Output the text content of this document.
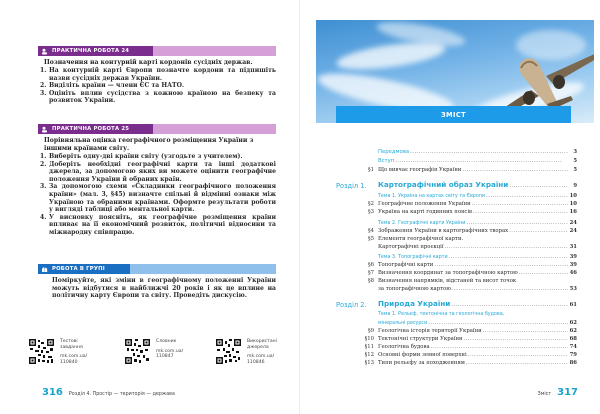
ПРАКТИЧНА РОБОТА 24
Позначення на контурній карті кордонів сусідніх держав.
1. На контурній карті Європи позначте кордони та підпишіть назви сусідніх держав України.
2. Виділіть країни — члени ЄС та НАТО.
3. Оцініть вплив сусідства з кожною країною на безпеку та розвиток України.
ПРАКТИЧНА РОБОТА 25
Порівняльна оцінка географічного розміщення України з іншими країнами світу.
1. Виберіть одну-дві країни світу (узгодьте з учителем).
2. Доберіть необхідні географічні карти та інші додаткові джерела, за допомогою яких ви можете оцінити географічне положення України й обраних країн.
3. За допомогою схеми «Складники географічного положення країни» (мал. 3, §45) визначте спільні й відмінні ознаки між Україною та обраними країнами. Оформте результати роботи у вигляді таблиці або ментальної карти.
4. У висновку поясніть, як географічне розміщення країни впливає на її економічний розвиток, політичні відносини та міжнародну співпрацю.
РОБОТА В ГРУПІ
Поміркуйте, які зміни в географічному положенні України можуть відбутися в найближчі 20 років і як це вплине на політичну карту Європи та світу. Проведіть дискусію.
Тестові
завдання
mk.com.ua/
110840
Словник
mk.com.ua/
110847
Використані
джерела
mk.com.ua/
110846
316 Розділ 4. Простір — територія — держава
ЗМІСТ
Передмова . . .	3
Вступ . . .	5
§1 Що вивчає географія України . . .	5
Розділ 1. Картографічний образ України . . .	9
Тема 1. Україна на картах світу та Європи . . .	10
§2 Географічне положення України . . .	10
§3 Україна на карті годинних поясів . . .	16
Тема 2. Географічні карти України . . .	24
§4 Зображення України в картографічних творах . . .	24
§5 Елементи географічної карти.
Картографічні проєкції . . .	31
Тема 3. Топографічні карти . . .	39
§6 Топографічні карти . . .	39
§7 Визначення координат за топографічною картою . . .	46
§8 Визначення напрямків, відстаней та висот точок
за топографічною картою . . .	53
Розділ 2. Природа України . . .	61
Тема 1. Рельєф, тектонічна та геологічна будова,
мінеральні ресурси . . .	62
§9 Геологічна історія території України . . .	62
§10 Тектонічні структури України . . .	68
§11 Геологічна будова . . .	74
§12 Основні форми земної поверхні . . .	79
§13 Типи рельєфу за походженням . . .	86
Зміст 317
